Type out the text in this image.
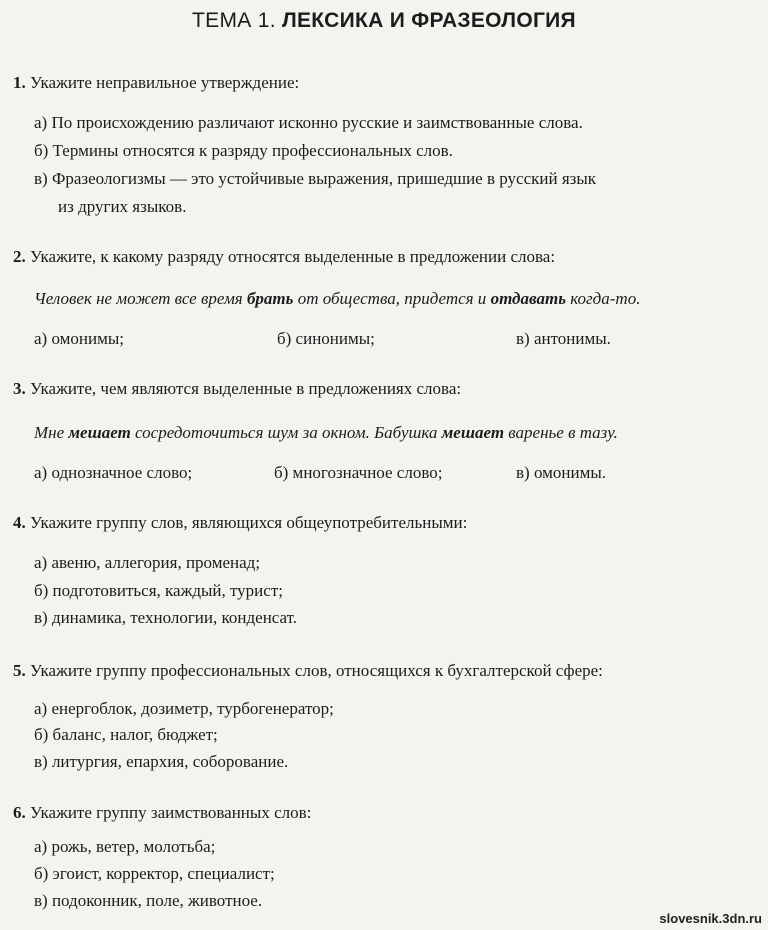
ТЕМА 1. ЛЕКСИКА И ФРАЗЕОЛОГИЯ
1. Укажите неправильное утверждение:
а) По происхождению различают исконно русские и заимствованные слова.
б) Термины относятся к разряду профессиональных слов.
в) Фразеологизмы — это устойчивые выражения, пришедшие в русский язык
из других языков.
2. Укажите, к какому разряду относятся выделенные в предложении слова:
Человек не может все время брать от общества, придется и отдавать когда-то.
а) омонимы;	б) синонимы;	в) антонимы.
3. Укажите, чем являются выделенные в предложениях слова:
Мне мешает сосредоточиться шум за окном. Бабушка мешает варенье в тазу.
а) однозначное слово;	б) многозначное слово;	в) омонимы.
4. Укажите группу слов, являющихся общеупотребительными:
а) авеню, аллегория, променад;
б) подготовиться, каждый, турист;
в) динамика, технологии, конденсат.
5. Укажите группу профессиональных слов, относящихся к бухгалтерской сфере:
а) енергоблок, дозиметр, турбогенератор;
б) баланс, налог, бюджет;
в) литургия, епархия, соборование.
6. Укажите группу заимствованных слов:
а) рожь, ветер, молотьба;
б) эгоист, корректор, специалист;
в) подоконник, поле, животное.
slovesnik.3dn.ru
